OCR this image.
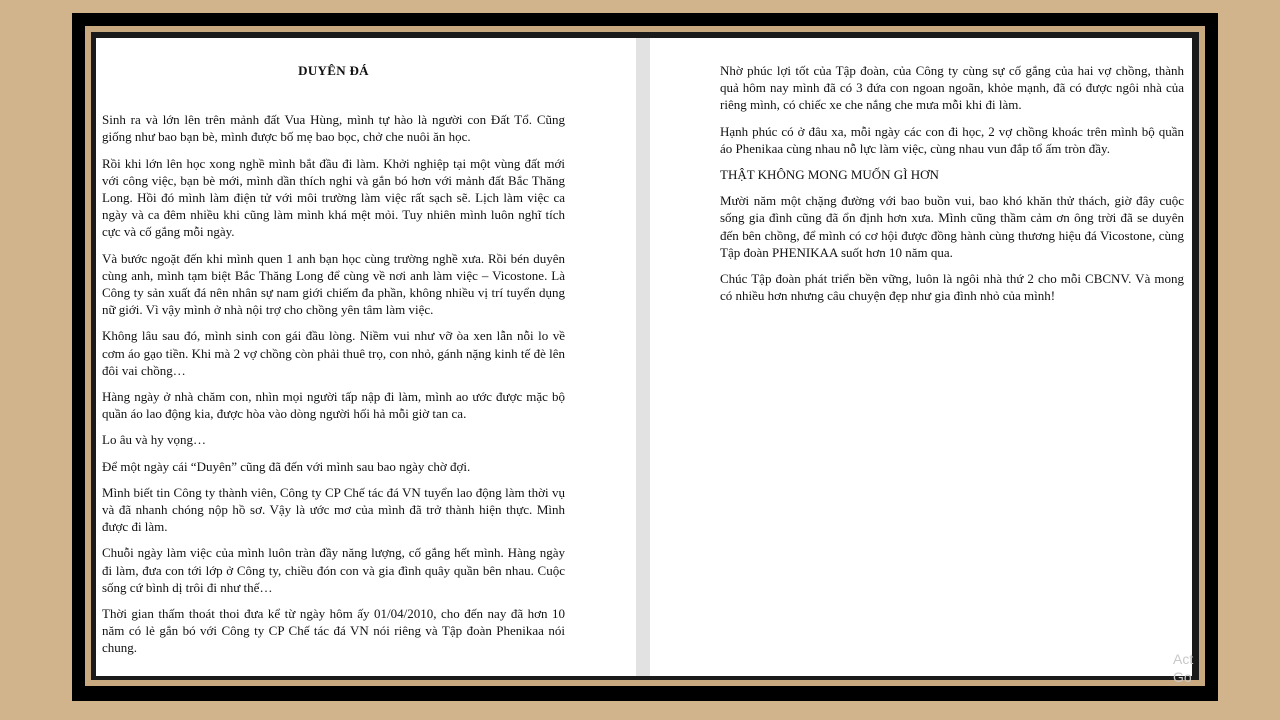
DUYÊN ĐÁ

Sinh ra và lớn lên trên mảnh đất Vua Hùng, mình tự hào là người con Đất Tổ. Cũng giống như bao bạn bè, mình được bố mẹ bao bọc, chở che nuôi ăn học.

Rồi khi lớn lên học xong nghề mình bắt đầu đi làm. Khởi nghiệp tại một vùng đất mới với công việc, bạn bè mới, mình dần thích nghi và gắn bó hơn với mảnh đất Bắc Thăng Long. Hồi đó mình làm điện tử với môi trường làm việc rất sạch sẽ. Lịch làm việc ca ngày và ca đêm nhiều khi cũng làm mình khá mệt mỏi. Tuy nhiên mình luôn nghĩ tích cực và cố gắng mỗi ngày.

Và bước ngoặt đến khi mình quen 1 anh bạn học cùng trường nghề xưa. Rồi bén duyên cùng anh, mình tạm biệt Bắc Thăng Long để cùng về nơi anh làm việc – Vicostone. Là Công ty sản xuất đá nên nhân sự nam giới chiếm đa phần, không nhiều vị trí tuyển dụng nữ giới. Vì vậy mình ở nhà nội trợ cho chồng yên tâm làm việc.

Không lâu sau đó, mình sinh con gái đầu lòng. Niềm vui như vỡ òa xen lẫn nỗi lo về cơm áo gạo tiền. Khi mà 2 vợ chồng còn phải thuê trọ, con nhỏ, gánh nặng kinh tế đè lên đôi vai chồng…

Hàng ngày ở nhà chăm con, nhìn mọi người tấp nập đi làm, mình ao ước được mặc bộ quần áo lao động kia, được hòa vào dòng người hối hả mỗi giờ tan ca.

Lo âu và hy vọng…

Để một ngày cái “Duyên” cũng đã đến với mình sau bao ngày chờ đợi.

Mình biết tin Công ty thành viên, Công ty CP Chế tác đá VN tuyển lao động làm thời vụ và đã nhanh chóng nộp hồ sơ. Vậy là ước mơ của mình đã trở thành hiện thực. Mình được đi làm.

Chuỗi ngày làm việc của mình luôn tràn đầy năng lượng, cố gắng hết mình. Hàng ngày đi làm, đưa con tới lớp ở Công ty, chiều đón con và gia đình quây quần bên nhau. Cuộc sống cứ bình dị trôi đi như thế…

Thời gian thấm thoát thoi đưa kể từ ngày hôm ấy 01/04/2010, cho đến nay đã hơn 10 năm có lẻ gắn bó với Công ty CP Chế tác đá VN nói riêng và Tập đoàn Phenikaa nói chung.

Nhờ phúc lợi tốt của Tập đoàn, của Công ty cùng sự cố gắng của hai vợ chồng, thành quả hôm nay mình đã có 3 đứa con ngoan ngoãn, khỏe mạnh, đã có được ngôi nhà của riêng mình, có chiếc xe che nắng che mưa mỗi khi đi làm.

Hạnh phúc có ở đâu xa, mỗi ngày các con đi học, 2 vợ chồng khoác trên mình bộ quần áo Phenikaa cùng nhau nỗ lực làm việc, cùng nhau vun đắp tổ ấm tròn đầy.

THẬT KHÔNG MONG MUỐN GÌ HƠN

Mười năm một chặng đường với bao buồn vui, bao khó khăn thử thách, giờ đây cuộc sống gia đình cũng đã ổn định hơn xưa. Mình cũng thầm cảm ơn ông trời đã se duyên đến bên chồng, để mình có cơ hội được đồng hành cùng thương hiệu đá Vicostone, cùng Tập đoàn PHENIKAA suốt hơn 10 năm qua.

Chúc Tập đoàn phát triển bền vững, luôn là ngôi nhà thứ 2 cho mỗi CBCNV. Và mong có nhiều hơn nhưng câu chuyện đẹp như gia đình nhỏ của mình!

Act
Go
